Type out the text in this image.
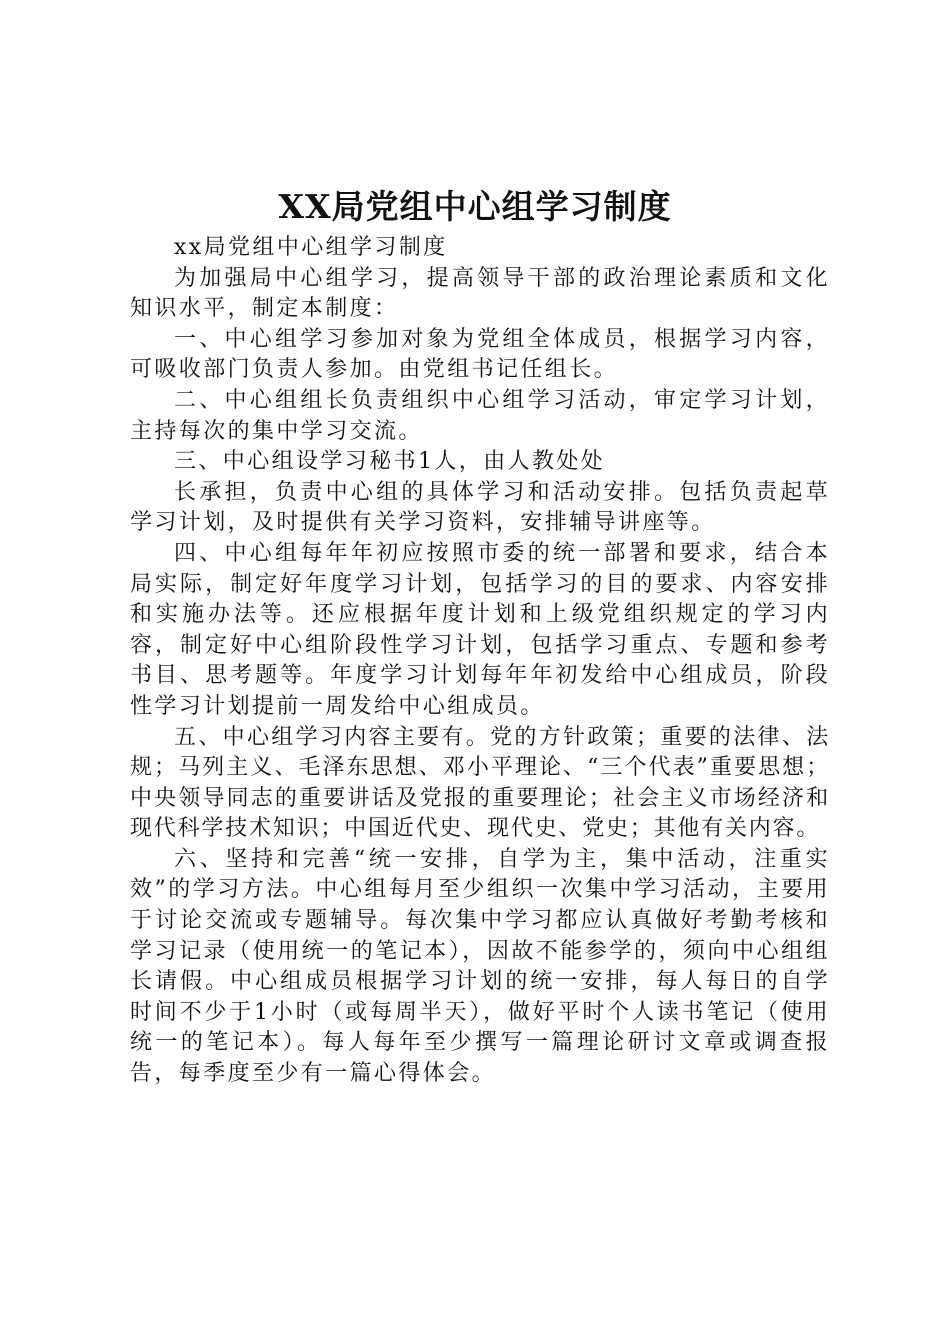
XX局党组中心组学习制度

xx局党组中心组学习制度

为加强局中心组学习，提高领导干部的政治理论素质和文化知识水平，制定本制度：

一、中心组学习参加对象为党组全体成员，根据学习内容，可吸收部门负责人参加。由党组书记任组长。

二、中心组组长负责组织中心组学习活动，审定学习计划，主持每次的集中学习交流。

三、中心组设学习秘书1人，由人教处处

长承担，负责中心组的具体学习和活动安排。包括负责起草学习计划，及时提供有关学习资料，安排辅导讲座等。

四、中心组每年年初应按照市委的统一部署和要求，结合本局实际，制定好年度学习计划，包括学习的目的要求、内容安排和实施办法等。还应根据年度计划和上级党组织规定的学习内容，制定好中心组阶段性学习计划，包括学习重点、专题和参考书目、思考题等。年度学习计划每年年初发给中心组成员，阶段性学习计划提前一周发给中心组成员。

五、中心组学习内容主要有。党的方针政策；重要的法律、法规；马列主义、毛泽东思想、邓小平理论、“三个代表”重要思想；中央领导同志的重要讲话及党报的重要理论；社会主义市场经济和现代科学技术知识；中国近代史、现代史、党史；其他有关内容。

六、坚持和完善“统一安排，自学为主，集中活动，注重实效”的学习方法。中心组每月至少组织一次集中学习活动，主要用于讨论交流或专题辅导。每次集中学习都应认真做好考勤考核和学习记录（使用统一的笔记本），因故不能参学的，须向中心组组长请假。中心组成员根据学习计划的统一安排，每人每日的自学时间不少于1小时（或每周半天），做好平时个人读书笔记（使用统一的笔记本）。每人每年至少撰写一篇理论研讨文章或调查报告，每季度至少有一篇心得体会。
